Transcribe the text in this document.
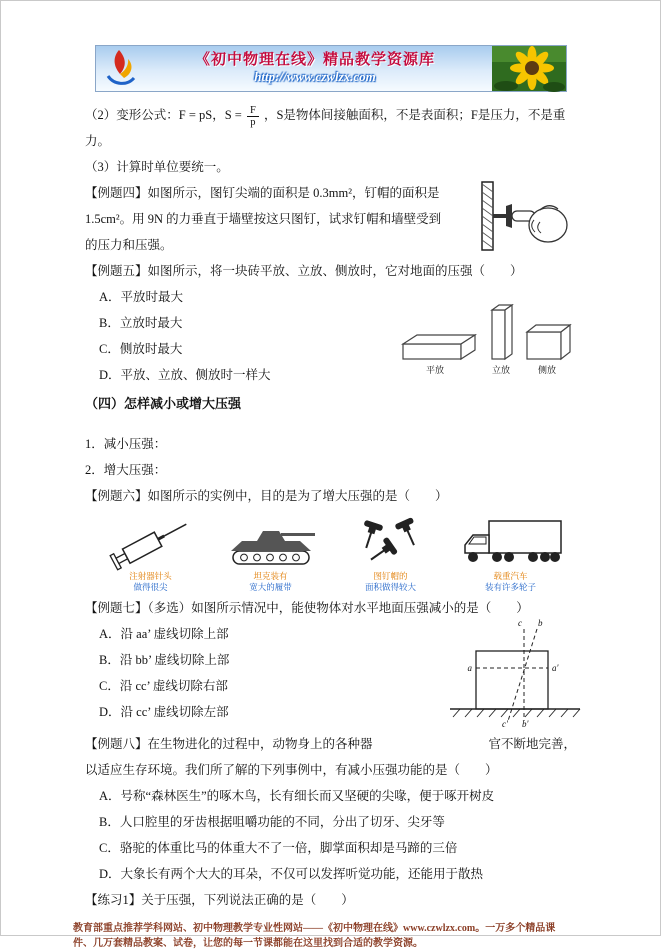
《初中物理在线》精品教学资源库
http://www.czwlzx.com

（2）变形公式：F = pS，$S = \frac{F}{p}$ ，S是物体间接触面积，不是表面积；F是压力，不是重力。

（3）计算时单位要统一。

【例题四】如图所示，图钉尖端的面积是 0.3mm²，钉帽的面积是 1.5cm²。用 9N 的力垂直于墙壁按这只图钉，试求钉帽和墙壁受到的压力和压强。

【例题五】如图所示，将一块砖平放、立放、侧放时，它对地面的压强（　　）

A．平放时最大
B．立放时最大
C．侧放时最大
D．平放、立放、侧放时一样大	平放	立放	侧放

（四）怎样减小或增大压强

1．减小压强：

2．增大压强：

【例题六】如图所示的实例中，目的是为了增大压强的是（　　）

注射器针头
做得很尖
坦克装有
宽大的履带
图钉帽的
面积做得较大
载重汽车
装有许多轮子

【例题七】（多选）如图所示情况中，能使物体对水平地面压强减小的是（　　）

A．沿 aa’ 虚线切除上部
B．沿 bb’ 虚线切除上部
C．沿 cc’ 虚线切除右部
D．沿 cc’ 虚线切除左部
a	a'
c b
c' b'
【例题八】在生物进化的过程中，动物身上的各种器	官不断地完善，

以适应生存环境。我们所了解的下列事例中，有减小压强功能的是（　　）

A．号称“森林医生”的啄木鸟，长有细长而又坚硬的尖喙，便于啄开树皮
B．人口腔里的牙齿根据咀嚼功能的不同，分出了切牙、尖牙等
C．骆驼的体重比马的体重大不了一倍，脚掌面积却是马蹄的三倍
D．大象长有两个大大的耳朵，不仅可以发挥听觉功能，还能用于散热

【练习1】关于压强，下列说法正确的是（　　）

教育部重点推荐学科网站、初中物理教学专业性网站——《初中物理在线》www.czwlzx.com。一万多个精品课
件、几万套精品教案、试卷，让您的每一节课都能在这里找到合适的教学资源。
